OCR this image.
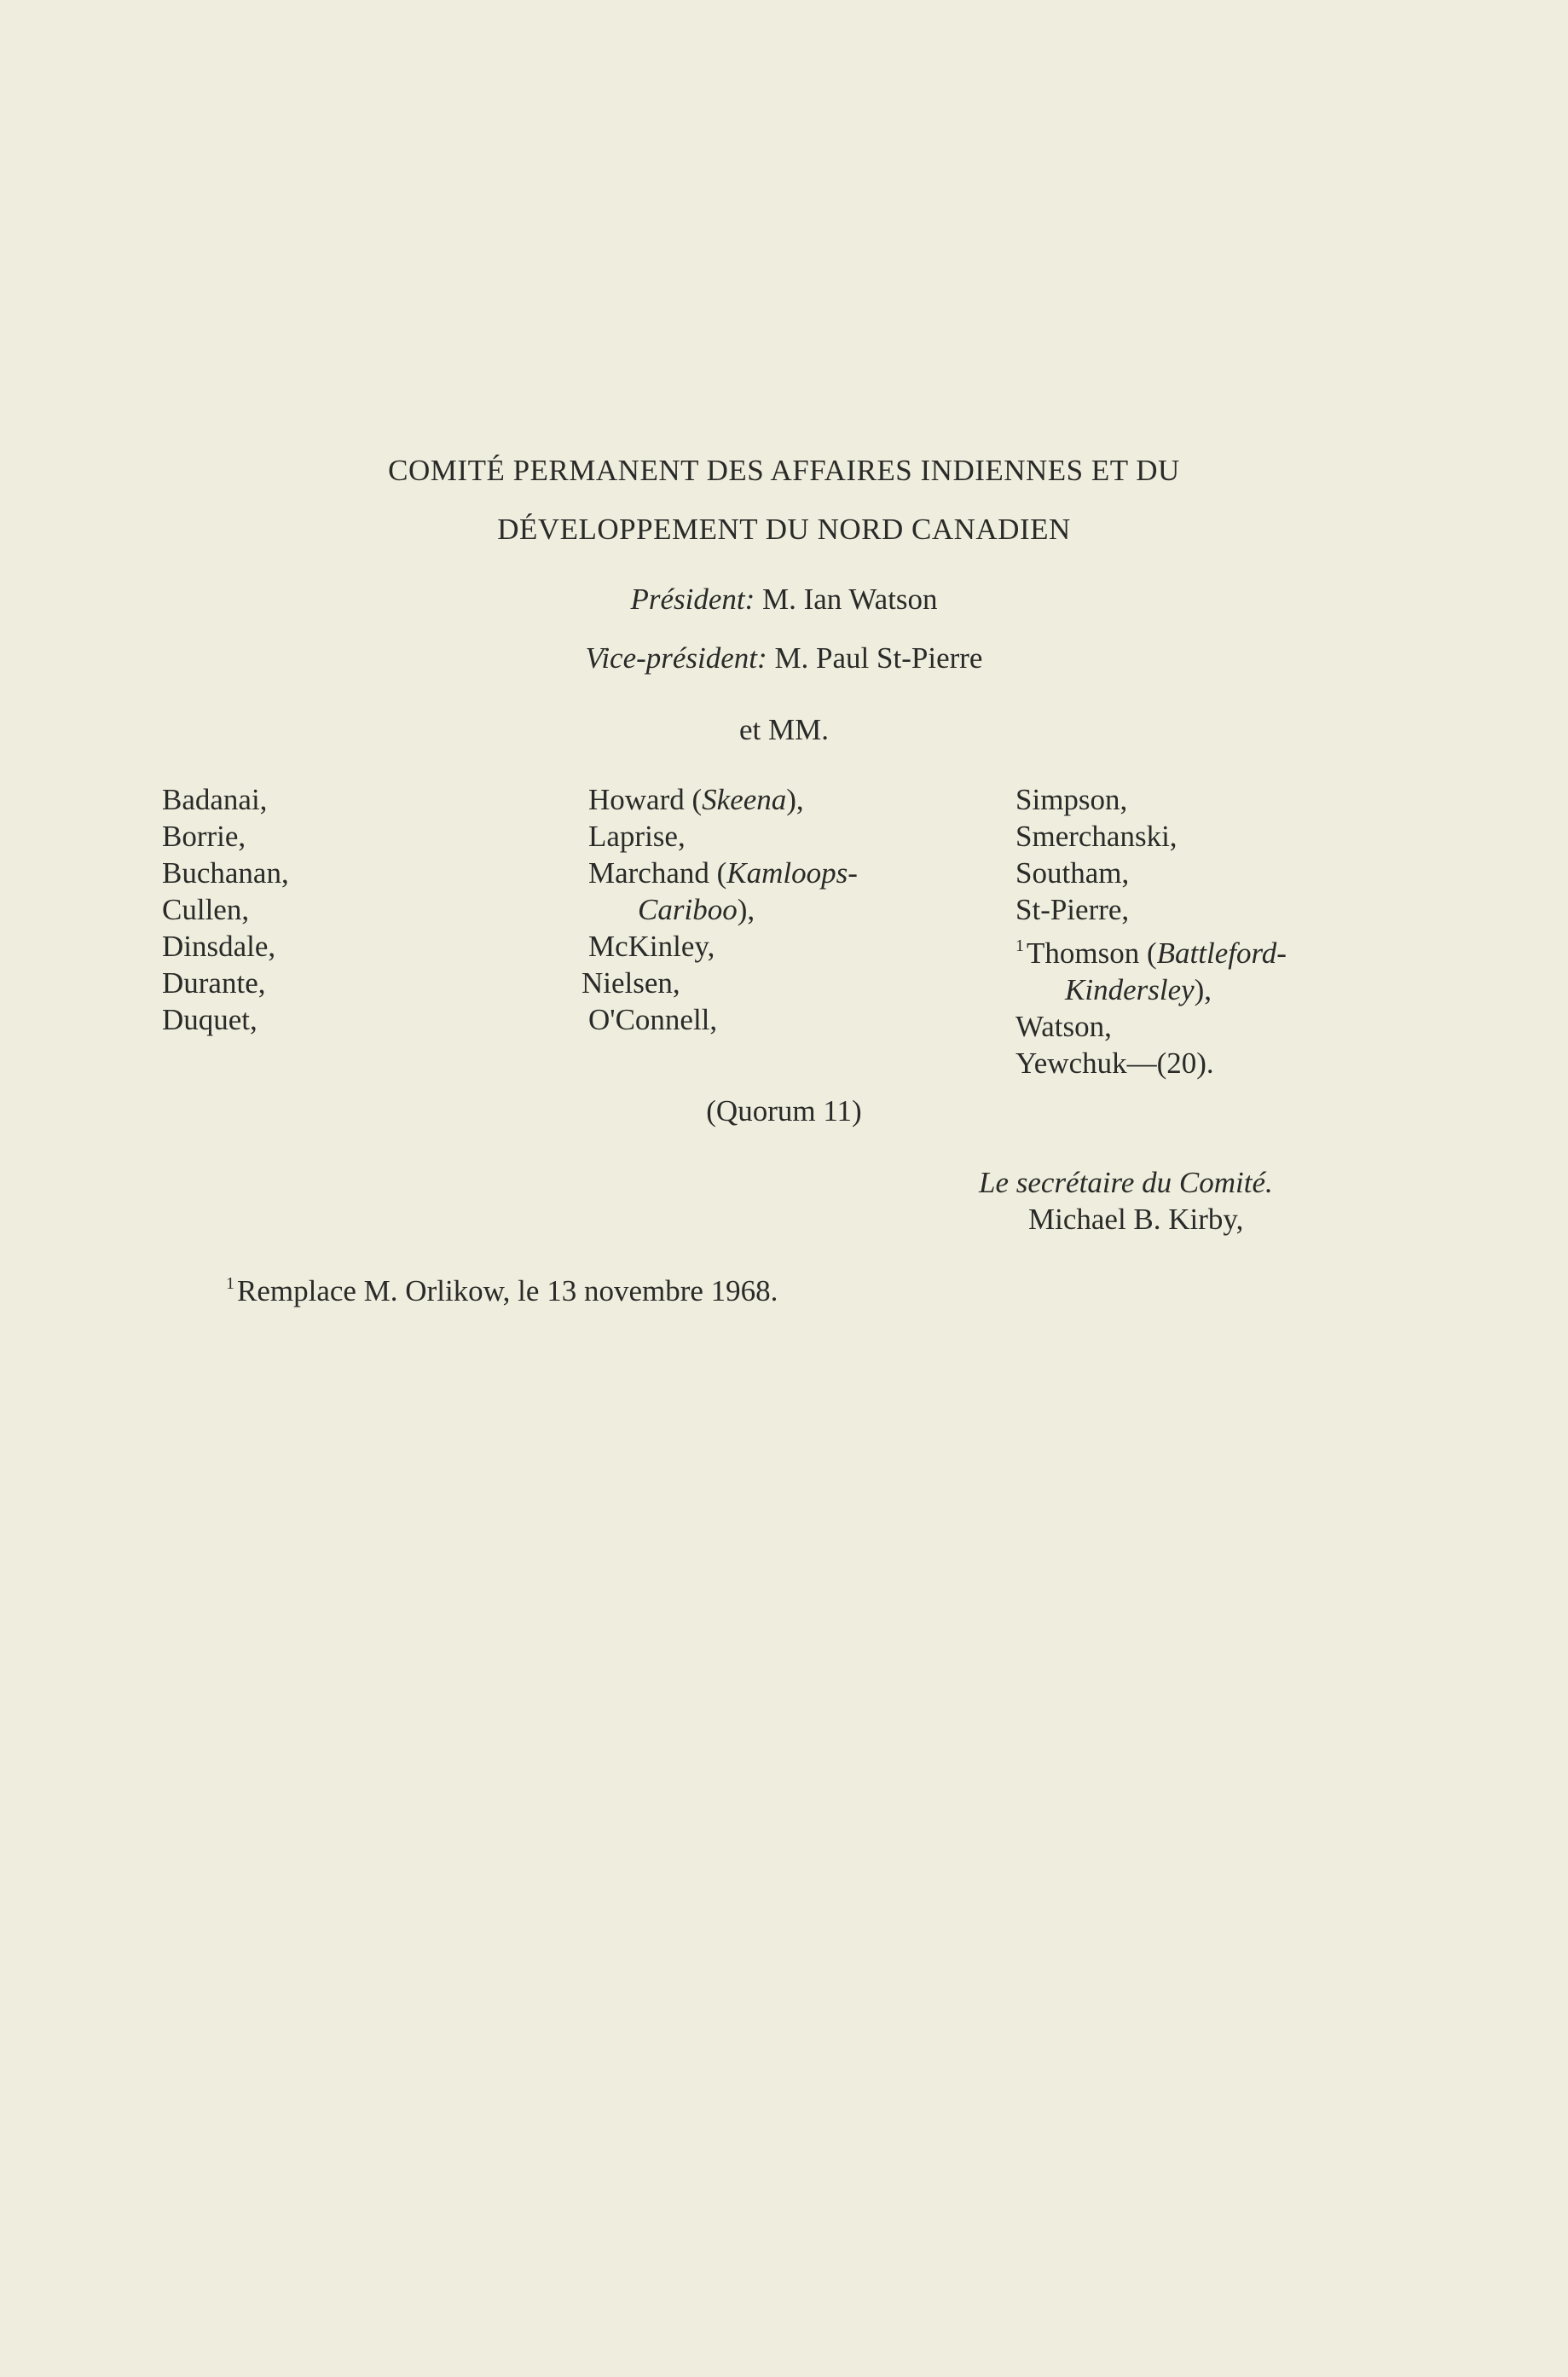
COMITÉ PERMANENT DES AFFAIRES INDIENNES ET DU
DÉVELOPPEMENT DU NORD CANADIEN
Président: M. Ian Watson
Vice-président: M. Paul St-Pierre
et MM.
Badanai,
Borrie,
Buchanan,
Cullen,
Dinsdale,
Durante,
Duquet,
Howard (Skeena),
Laprise,
Marchand (Kamloops-
Cariboo),
McKinley,
Nielsen,
O'Connell,
Simpson,
Smerchanski,
Southam,
St-Pierre,
$^1$Thomson (Battleford-
Kindersley),
Watson,
Yewchuk—(20).
(Quorum 11)
Le secrétaire du Comité.
Michael B. Kirby,
$^1$Remplace M. Orlikow, le 13 novembre 1968.
